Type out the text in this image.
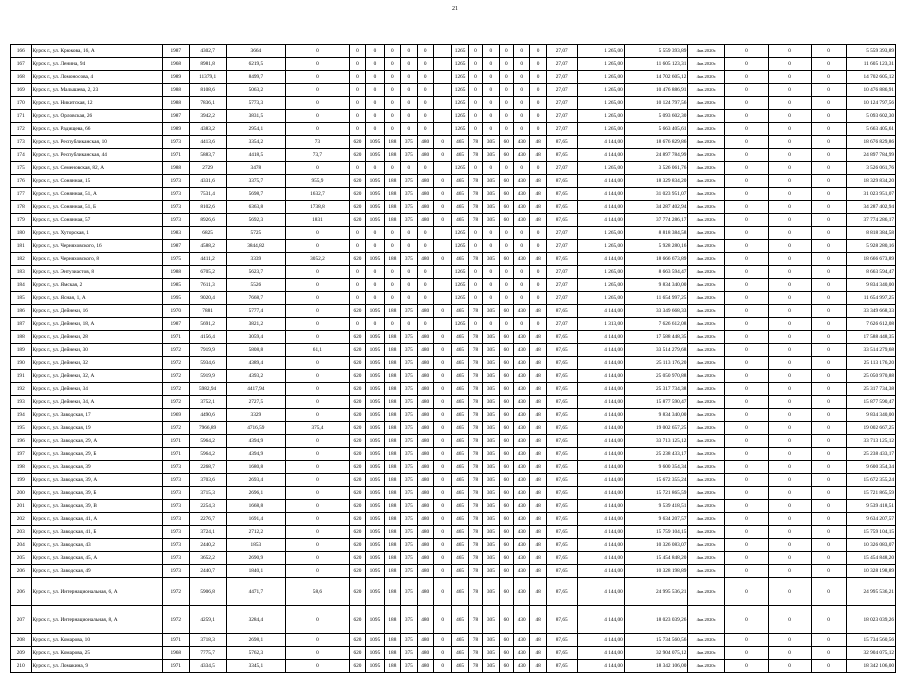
21
166	Курск г., ул. Крюкова, 16, А	1987	4302,7	3664	0	0	0	0	0	0		1265	0	0	0	0	0	27,07	1 265,00	5 559 393,89	4кв.2020г.	0	0	0	5 559 393,89
167	Курск г., ул. Ленина, 94	1968	8981,8	6219,5	0	0	0	0	0	0		1265	0	0	0	0	0	27,07	1 265,00	11 605 123,31	4кв.2020г.	0	0	0	11 605 123,31
168	Курск г., ул. Ломоносова, 4	1989	11379,1	8499,7	0	0	0	0	0	0		1265	0	0	0	0	0	27,07	1 265,00	14 702 605,12	4кв.2020г.	0	0	0	14 702 605,12
169	Курск г., ул. Малышева, 2, 23	1988	8108,6	5063,2	0	0	0	0	0	0		1265	0	0	0	0	0	27,07	1 265,00	10 476 886,91	4кв.2020г.	0	0	0	10 476 886,91
170	Курск г., ул. Никитская, 12	1988	7836,1	5773,3	0	0	0	0	0	0		1265	0	0	0	0	0	27,07	1 265,00	10 124 797,56	4кв.2020г.	0	0	0	10 124 797,56
171	Курск г., ул. Орловская, 26	1987	3942,2	3831,5	0	0	0	0	0	0		1265	0	0	0	0	0	27,07	1 265,00	5 093 602,30	4кв.2020г.	0	0	0	5 093 602,30
172	Курск г., ул. Радищева, 66	1989	4383,2	2954,1	0	0	0	0	0	0		1265	0	0	0	0	0	27,07	1 265,00	5 663 405,61	4кв.2020г.	0	0	0	5 663 405,61
173	Курск г., ул. Республиканская, 10	1973	4413,6	3354,2	73	620	1095	188	375	480	0	465	78	305	60	430	48	87,65	4 144,00	18 676 829,86	4кв.2020г.	0	0	0	18 676 829,86
174	Курск г., ул. Республиканская, 44	1971	5883,7	4418,5	73,7	620	1095	188	375	480	0	465	78	305	60	430	48	87,65	4 144,00	24 897 784,99	4кв.2020г.	0	0	0	24 897 784,99
175	Курск г., ул. Семеновская, 82, А	1988	2729	3478	0	0	0	0	0	0		1265	0	0	0	0	0	27,07	1 265,00	3 526 061,76	4кв.2020г.	0	0	0	3 526 061,76
176	Курск г., ул. Сонянная, 15	1973	4331,6	3375,7	955,9	620	1095	188	375	480	0	465	78	305	60	430	48	87,65	4 144,00	18 329 834,20	4кв.2020г.	0	0	0	18 329 834,20
177	Курск г., ул. Сонянная, 51, А	1973	7531,4	5698,7	1632,7	620	1095	188	375	480	0	465	78	305	60	430	48	87,65	4 144,00	31 023 951,07	4кв.2020г.	0	0	0	31 023 951,07
178	Курск г., ул. Сонянная, 51, Б	1973	8102,6	6363,8	1738,8	620	1095	188	375	480	0	465	78	305	60	430	48	87,65	4 144,00	34 287 402,94	4кв.2020г.	0	0	0	34 287 402,94
179	Курск г., ул. Сонянная, 57	1973	8926,6	5692,3	1831	620	1095	188	375	480	0	465	78	305	60	430	48	87,65	4 144,00	37 774 286,17	4кв.2020г.	0	0	0	37 774 286,17
180	Курск г., ул. Хуторская, 1	1983	6825	5725	0	0	0	0	0	0		1265	0	0	0	0	0	27,07	1 265,00	8 818 384,58	4кв.2020г.	0	0	0	8 818 384,58
181	Курск г., ул. Черняховского, 16	1987	4588,2	3844,82	0	0	0	0	0	0		1265	0	0	0	0	0	27,07	1 265,00	5 928 280,16	4кв.2020г.	0	0	0	5 928 280,16
182	Курск г., ул. Черняховского, 8	1975	4411,2	3339	3052,2	620	1095	188	375	480	0	465	78	305	60	430	48	87,65	4 144,00	18 666 673,89	4кв.2020г.	0	0	0	18 666 673,89
183	Курск г., ул. Энтузиастов, 8	1988	6705,2	5623,7	0	0	0	0	0	0		1265	0	0	0	0	0	27,07	1 265,00	8 663 594,47	4кв.2020г.	0	0	0	8 663 594,47
184	Курск г., ул. Ямская, 2	1985	7611,3	5526	0	0	0	0	0	0		1265	0	0	0	0	0	27,07	1 265,00	9 834 340,00	4кв.2020г.	0	0	0	9 834 340,00
185	Курск г., ул. Ясная, 1, А	1995	9020,4	7668,7	0	0	0	0	0	0		1265	0	0	0	0	0	27,07	1 265,00	11 654 997,25	4кв.2020г.	0	0	0	11 654 997,25
186	Курск г., ул. Дейнеки, 16	1970	7881	5777,4	0	620	1095	188	375	480	0	465	78	305	60	430	48	87,65	4 144,00	33 349 668,33	4кв.2020г.	0	0	0	33 349 668,33
187	Курск г., ул. Дейнеки, 18, А	1987	5691,2	3821,2	0	0	0	0	0	0		1265	0	0	0	0	0	27,07	1 313,00	7 626 612,08	4кв.2020г.	0	0	0	7 626 612,08
188	Курск г., ул. Дейнеки, 28	1971	4156,4	3059,4	0	620	1095	188	375	480	0	465	78	305	60	430	48	87,65	4 144,00	17 588 448,35	4кв.2020г.	0	0	0	17 588 448,35
189	Курск г., ул. Дейнеки, 30	1972	7919,9	5808,8	61,1	620	1095	188	375	480	0	465	78	305	60	430	48	87,65	4 144,00	33 514 279,68	4кв.2020г.	0	0	0	33 514 279,68
190	Курск г., ул. Дейнеки, 32	1972	5934,6	4389,4	0	620	1095	188	375	480	0	465	78	305	60	430	48	87,65	4 144,00	25 113 176,20	4кв.2020г.	0	0	0	25 113 176,20
191	Курск г., ул. Дейнеки, 32, А	1972	5919,9	4393,2	0	620	1095	188	375	480	0	465	78	305	60	430	48	87,65	4 144,00	25 050 970,88	4кв.2020г.	0	0	0	25 050 970,88
192	Курск г., ул. Дейнеки, 34	1972	5982,94	4417,94	0	620	1095	188	375	480	0	465	78	305	60	430	48	87,65	4 144,00	25 317 734,38	4кв.2020г.	0	0	0	25 317 734,38
193	Курск г., ул. Дейнеки, 34, А	1972	3752,1	2727,5	0	620	1095	188	375	480	0	465	78	305	60	430	48	87,65	4 144,00	15 877 590,47	4кв.2020г.	0	0	0	15 877 590,47
194	Курск г., ул. Заводская, 17	1969	4490,6	3329	0	620	1095	188	375	480	0	465	78	305	60	430	48	87,65	4 144,00	9 834 340,00	4кв.2020г.	0	0	0	9 834 340,00
195	Курск г., ул. Заводская, 19	1972	7966,89	4716,59	375,4	620	1095	188	375	480	0	465	78	305	60	430	48	87,65	4 144,00	19 002 657,25	4кв.2020г.	0	0	0	19 002 667,25
196	Курск г., ул. Заводская, 29, А	1971	5964,2	4394,9	0	620	1095	188	375	480	0	465	78	305	60	430	48	87,65	4 144,00	33 713 125,12	4кв.2020г.	0	0	0	33 713 125,12
197	Курск г., ул. Заводская, 29, Б	1971	5964,2	4394,9	0	620	1095	188	375	480	0	465	78	305	60	430	48	87,65	4 144,00	25 238 433,17	4кв.2020г.	0	0	0	25 238 433,17
198	Курск г., ул. Заводская, 39	1973	2268,7	1680,8	0	620	1095	188	375	480	0	465	78	305	60	430	48	87,65	4 144,00	9 600 354,34	4кв.2020г.	0	0	0	9 600 354,34
199	Курск г., ул. Заводская, 39, А	1973	3703,6	2693,4	0	620	1095	188	375	480	0	465	78	305	60	430	48	87,65	4 144,00	15 672 355,24	4кв.2020г.	0	0	0	15 672 355,24
200	Курск г., ул. Заводская, 39, Б	1973	3715,3	2696,1	0	620	1095	188	375	480	0	465	78	305	60	430	48	87,65	4 144,00	15 721 865,59	4кв.2020г.	0	0	0	15 721 865,59
201	Курск г., ул. Заводская, 39, В	1973	2254,3	1668,8	0	620	1095	188	375	480	0	465	78	305	60	430	48	87,65	4 144,00	9 539 418,51	4кв.2020г.	0	0	0	9 539 418,51
202	Курск г., ул. Заводская, 41, А	1973	2276,7	1691,4	0	620	1095	188	375	480	0	465	78	305	60	430	48	87,65	4 144,00	9 634 207,57	4кв.2020г.	0	0	0	9 634 207,57
203	Курск г., ул. Заводская, 41, Б	1973	3724,1	2712,2	0	620	1095	188	375	480	0	465	78	305	60	430	48	87,65	4 144,00	15 759 104,15	4кв.2020г.	0	0	0	15 759 104,15
204	Курск г., ул. Заводская, 43	1973	2440,2	1853	0	620	1095	188	375	480	0	465	78	305	60	430	48	87,65	4 144,00	10 326 083,07	4кв.2020г.	0	0	0	10 326 083,07
205	Курск г., ул. Заводская, 45, А	1973	3652,2	2690,9	0	620	1095	188	375	480	0	465	78	305	60	430	48	87,65	4 144,00	15 454 848,20	4кв.2020г.	0	0	0	15 454 848,20
206	Курск г., ул. Заводская, 49	1973	2440,7	1840,1	0	620	1095	188	375	480	0	465	78	305	60	430	48	87,65	4 144,00	10 328 198,89	4кв.2020г.	0	0	0	10 328 198,89
206	Курск г., ул. Интернациональная, 6, А	1972	5906,8	4471,7	58,6	620	1095	188	375	480	0	465	78	305	60	430	48	87,65	4 144,00	24 995 536,21	4кв.2020г.	0	0	0	24 995 536,21
207	Курск г., ул. Интернациональная, 8, А	1972	4259,1	3284,4	0	620	1095	188	375	480	0	465	78	305	60	430	48	87,65	4 144,00	18 023 039,26	4кв.2020г.	0	0	0	18 023 039,26
208	Курск г., ул. Комарова, 10	1971	3718,3	2698,1	0	620	1095	188	375	480	0	465	78	305	60	430	48	87,65	4 144,00	15 734 560,56	4кв.2020г.	0	0	0	15 734 560,56
209	Курск г., ул. Комарова, 25	1968	7775,7	5762,3	0	620	1095	188	375	480	0	465	78	305	60	430	48	87,65	4 144,00	32 904 075,12	4кв.2020г.	0	0	0	32 904 075,12
210	Курск г., ул. Ломакина, 9	1971	4334,5	3345,1	0	620	1095	188	375	480	0	465	78	305	60	430	48	87,65	4 144,00	18 342 106,00	4кв.2020г.	0	0	0	18 342 106,00
